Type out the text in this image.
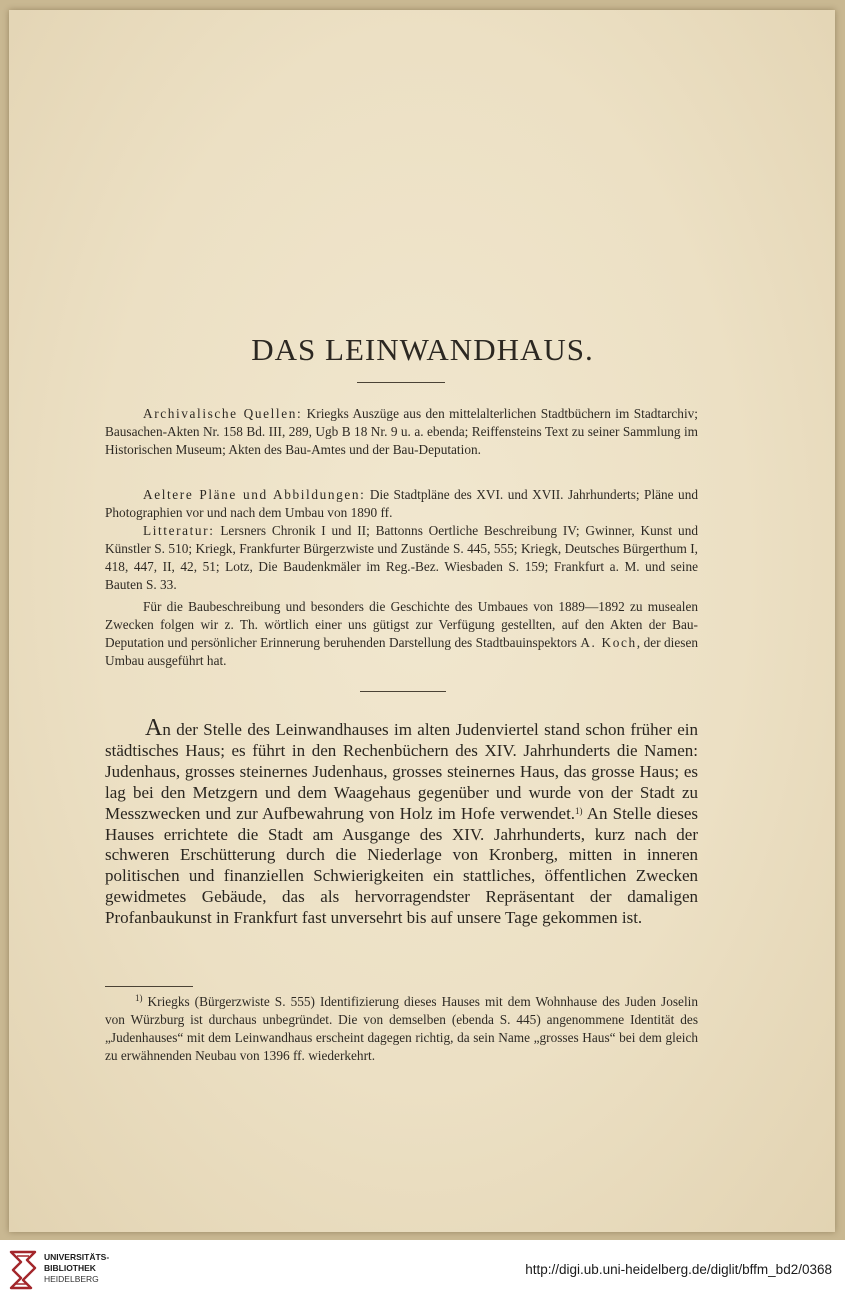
DAS LEINWANDHAUS.

Archivalische Quellen: Kriegks Auszüge aus den mittelalterlichen Stadtbüchern im Stadtarchiv; Bausachen-Akten Nr. 158 Bd. III, 289, Ugb B 18 Nr. 9 u. a. ebenda; Reiffensteins Text zu seiner Sammlung im Historischen Museum; Akten des Bau-Amtes und der Bau-Deputation.

Aeltere Pläne und Abbildungen: Die Stadtpläne des XVI. und XVII. Jahrhunderts; Pläne und Photographien vor und nach dem Umbau von 1890 ff.

Litteratur: Lersners Chronik I und II; Battonns Oertliche Beschreibung IV; Gwinner, Kunst und Künstler S. 510; Kriegk, Frankfurter Bürgerzwiste und Zustände S. 445, 555; Kriegk, Deutsches Bürgerthum I, 418, 447, II, 42, 51; Lotz, Die Baudenkmäler im Reg.-Bez. Wiesbaden S. 159; Frankfurt a. M. und seine Bauten S. 33.

Für die Baubeschreibung und besonders die Geschichte des Umbaues von 1889—1892 zu musealen Zwecken folgen wir z. Th. wörtlich einer uns gütigst zur Verfügung gestellten, auf den Akten der Bau-Deputation und persönlicher Erinnerung beruhenden Darstellung des Stadtbauinspektors A. Koch, der diesen Umbau ausgeführt hat.

An der Stelle des Leinwandhauses im alten Judenviertel stand schon früher ein städtisches Haus; es führt in den Rechenbüchern des XIV. Jahrhunderts die Namen: Judenhaus, grosses steinernes Judenhaus, grosses steinernes Haus, das grosse Haus; es lag bei den Metzgern und dem Waagehaus gegenüber und wurde von der Stadt zu Messzwecken und zur Aufbewahrung von Holz im Hofe verwendet.$^{1)}$ An Stelle dieses Hauses errichtete die Stadt am Ausgange des XIV. Jahrhunderts, kurz nach der schweren Erschütterung durch die Niederlage von Kronberg, mitten in inneren politischen und finanziellen Schwierigkeiten ein stattliches, öffentlichen Zwecken gewidmetes Gebäude, das als hervorragendster Repräsentant der damaligen Profanbaukunst in Frankfurt fast unversehrt bis auf unsere Tage gekommen ist.

$^{1)}$ Kriegks (Bürgerzwiste S. 555) Identifizierung dieses Hauses mit dem Wohnhause des Juden Joselin von Würzburg ist durchaus unbegründet. Die von demselben (ebenda S. 445) angenommene Identität des „Judenhauses“ mit dem Leinwandhaus erscheint dagegen richtig, da sein Name „grosses Haus“ bei dem gleich zu erwähnenden Neubau von 1396 ff. wiederkehrt.

UNIVERSITÄTS-
BIBLIOTHEK
HEIDELBERG
http://digi.ub.uni-heidelberg.de/diglit/bffm_bd2/0368
